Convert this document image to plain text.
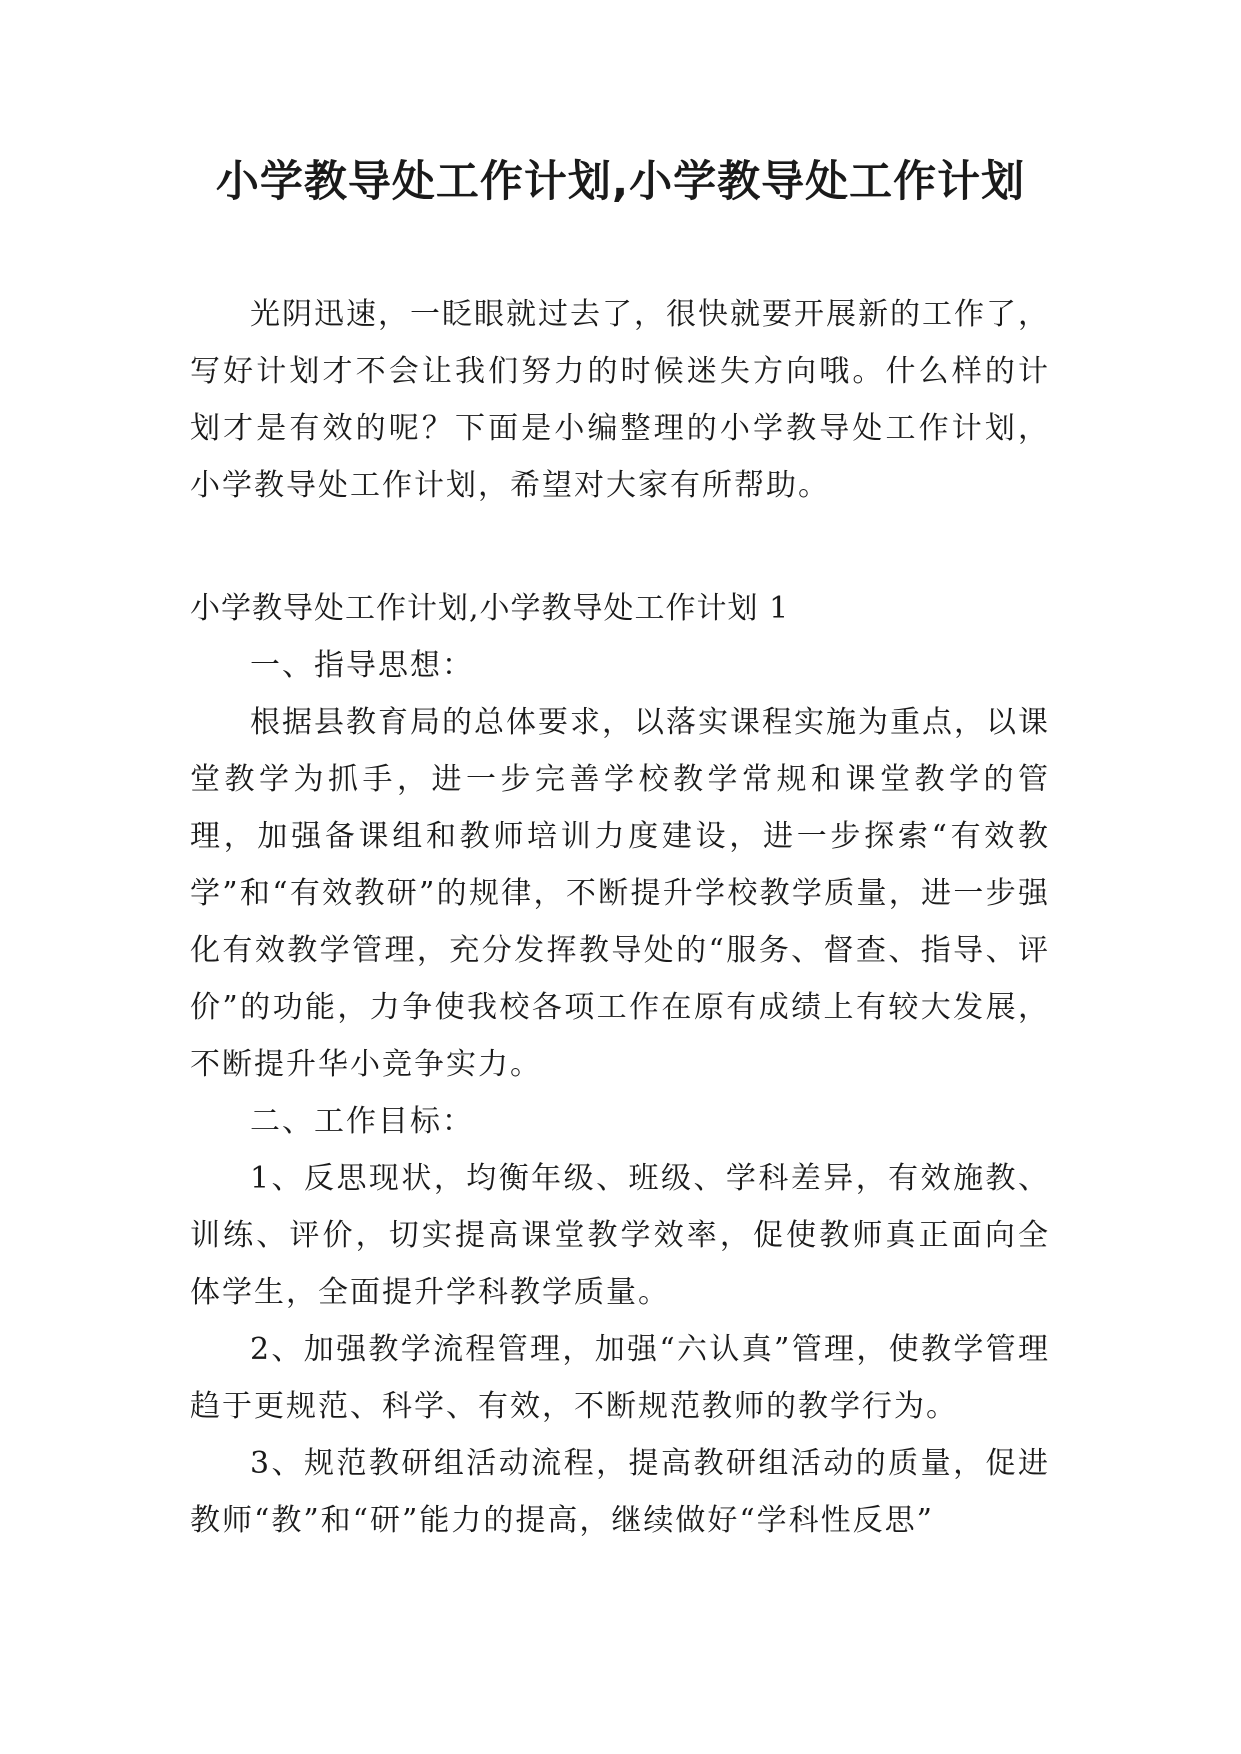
小学教导处工作计划,小学教导处工作计划

光阴迅速，一眨眼就过去了，很快就要开展新的工作了，写好计划才不会让我们努力的时候迷失方向哦。什么样的计划才是有效的呢？下面是小编整理的小学教导处工作计划，小学教导处工作计划，希望对大家有所帮助。

小学教导处工作计划,小学教导处工作计划 1

一、指导思想：

根据县教育局的总体要求，以落实课程实施为重点，以课堂教学为抓手，进一步完善学校教学常规和课堂教学的管理，加强备课组和教师培训力度建设，进一步探索“有效教学”和“有效教研”的规律，不断提升学校教学质量，进一步强化有效教学管理，充分发挥教导处的“服务、督查、指导、评价”的功能，力争使我校各项工作在原有成绩上有较大发展，不断提升华小竞争实力。

二、工作目标：

1、反思现状，均衡年级、班级、学科差异，有效施教、训练、评价，切实提高课堂教学效率，促使教师真正面向全体学生，全面提升学科教学质量。

2、加强教学流程管理，加强“六认真”管理，使教学管理趋于更规范、科学、有效，不断规范教师的教学行为。

3、规范教研组活动流程，提高教研组活动的质量，促进教师“教”和“研”能力的提高，继续做好“学科性反思”
